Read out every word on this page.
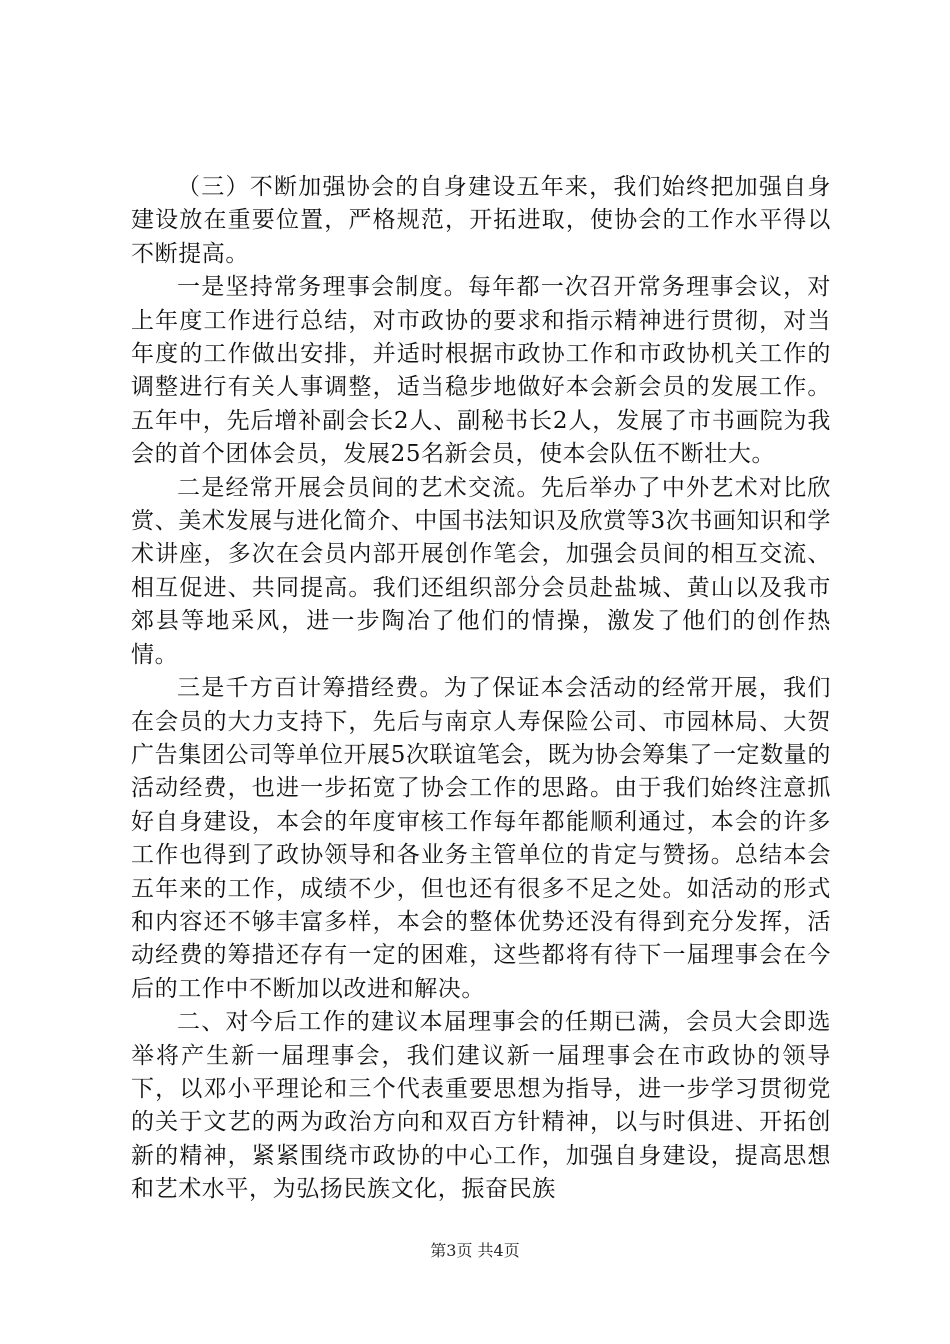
（三）不断加强协会的自身建设五年来，我们始终把加强自身建设放在重要位置，严格规范，开拓进取，使协会的工作水平得以不断提高。

一是坚持常务理事会制度。每年都一次召开常务理事会议，对上年度工作进行总结，对市政协的要求和指示精神进行贯彻，对当年度的工作做出安排，并适时根据市政协工作和市政协机关工作的调整进行有关人事调整，适当稳步地做好本会新会员的发展工作。五年中，先后增补副会长2人、副秘书长2人，发展了市书画院为我会的首个团体会员，发展25名新会员，使本会队伍不断壮大。

二是经常开展会员间的艺术交流。先后举办了中外艺术对比欣赏、美术发展与进化简介、中国书法知识及欣赏等3次书画知识和学术讲座，多次在会员内部开展创作笔会，加强会员间的相互交流、相互促进、共同提高。我们还组织部分会员赴盐城、黄山以及我市郊县等地采风，进一步陶冶了他们的情操，激发了他们的创作热情。

三是千方百计筹措经费。为了保证本会活动的经常开展，我们在会员的大力支持下，先后与南京人寿保险公司、市园林局、大贺广告集团公司等单位开展5次联谊笔会，既为协会筹集了一定数量的活动经费，也进一步拓宽了协会工作的思路。由于我们始终注意抓好自身建设，本会的年度审核工作每年都能顺利通过，本会的许多工作也得到了政协领导和各业务主管单位的肯定与赞扬。总结本会五年来的工作，成绩不少，但也还有很多不足之处。如活动的形式和内容还不够丰富多样，本会的整体优势还没有得到充分发挥，活动经费的筹措还存有一定的困难，这些都将有待下一届理事会在今后的工作中不断加以改进和解决。

二、对今后工作的建议本届理事会的任期已满，会员大会即选举将产生新一届理事会，我们建议新一届理事会在市政协的领导下，以邓小平理论和三个代表重要思想为指导，进一步学习贯彻党的关于文艺的两为政治方向和双百方针精神，以与时俱进、开拓创新的精神，紧紧围绕市政协的中心工作，加强自身建设，提高思想和艺术水平，为弘扬民族文化，振奋民族

第3页 共4页
